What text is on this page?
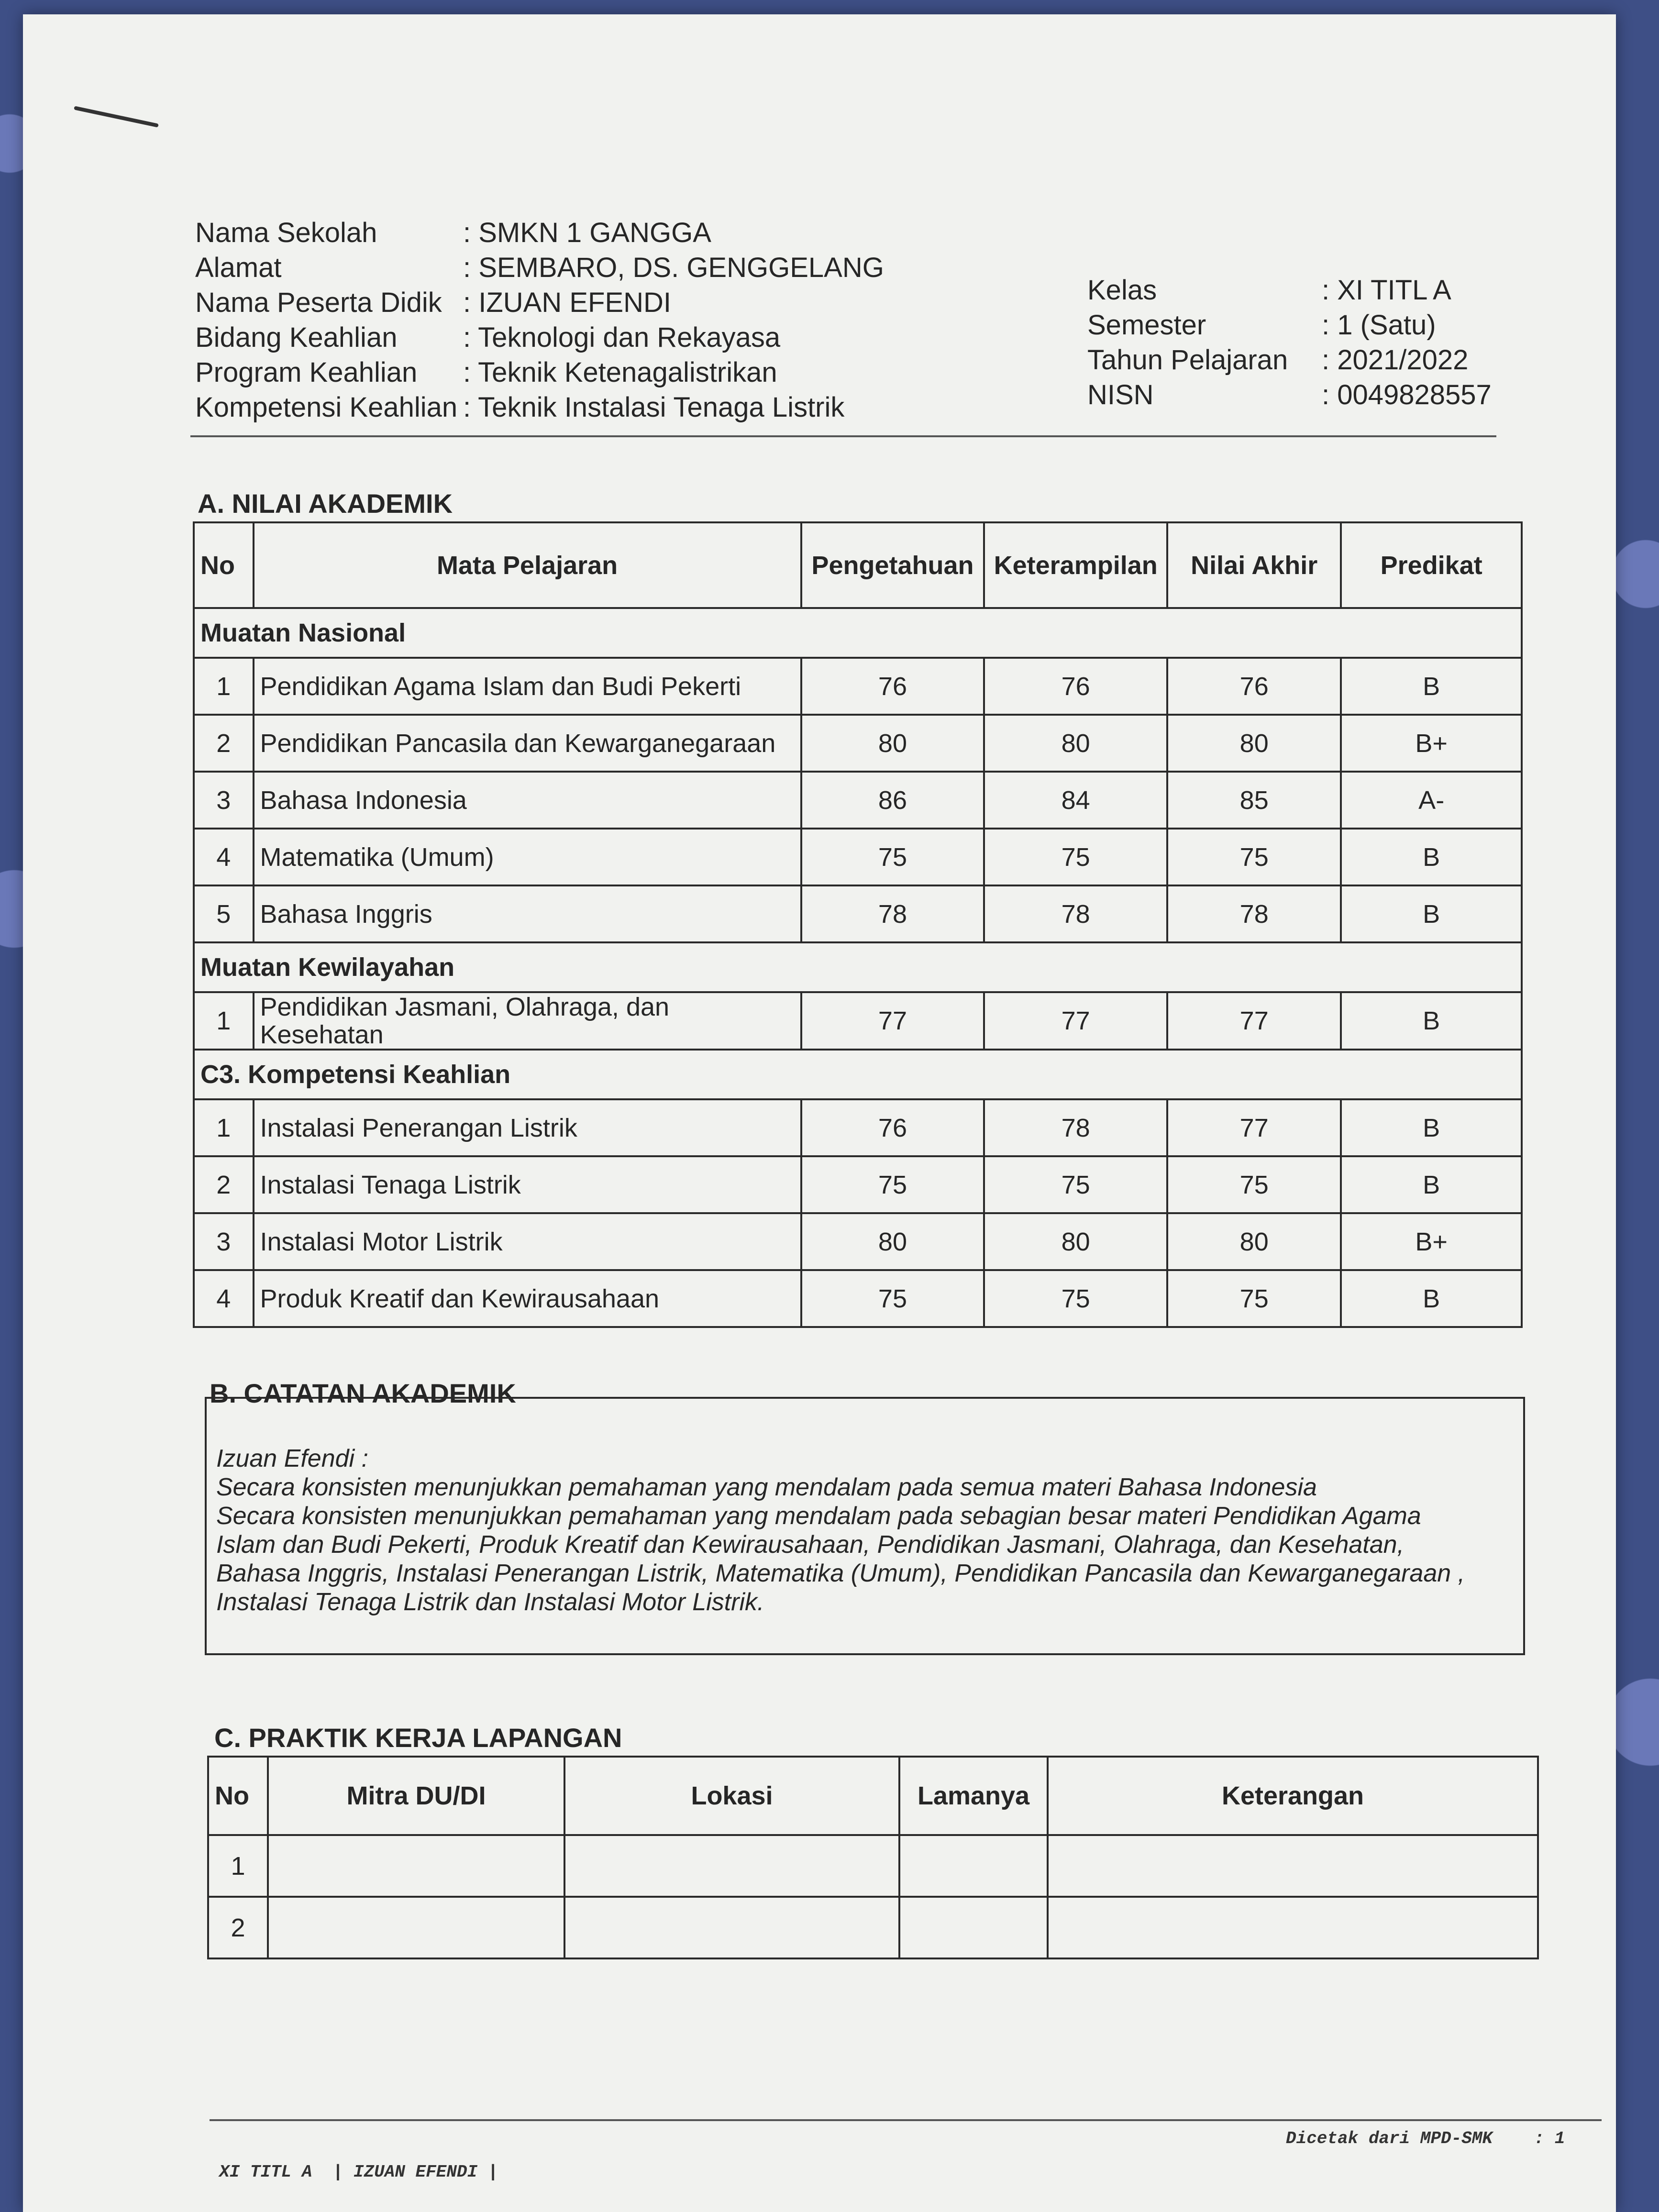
Nama Sekolah	: SMKN 1 GANGGA
Alamat	: SEMBARO, DS. GENGGELANG
Nama Peserta Didik : IZUAN EFENDI
Bidang Keahlian	: Teknologi dan Rekayasa
Program Keahlian	: Teknik Ketenagalistrikan
Kompetensi Keahlian : Teknik Instalasi Tenaga Listrik
Kelas	: XI TITL A
Semester	: 1 (Satu)
Tahun Pelajaran	: 2021/2022
NISN	: 0049828557
A. NILAI AKADEMIK
No	Mata Pelajaran	Pengetahuan	Keterampilan	Nilai Akhir	Predikat
Muatan Nasional					
1	Pendidikan Agama Islam dan Budi Pekerti	76	76	76	B
2	Pendidikan Pancasila dan Kewarganegaraan	80	80	80	B+
3	Bahasa Indonesia	86	84	85	A-
4	Matematika (Umum)	75	75	75	B
5	Bahasa Inggris	78	78	78	B
Muatan Kewilayahan					
1	Pendidikan Jasmani, Olahraga, dan Kesehatan	77	77	77	B
C3. Kompetensi Keahlian					
1	Instalasi Penerangan Listrik	76	78	77	B
2	Instalasi Tenaga Listrik	75	75	75	B
3	Instalasi Motor Listrik	80	80	80	B+
4	Produk Kreatif dan Kewirausahaan	75	75	75	B
B. CATATAN AKADEMIK
Izuan Efendi :
Secara konsisten menunjukkan pemahaman yang mendalam pada semua materi Bahasa Indonesia
Secara konsisten menunjukkan pemahaman yang mendalam pada sebagian besar materi Pendidikan Agama
Islam dan Budi Pekerti, Produk Kreatif dan Kewirausahaan, Pendidikan Jasmani, Olahraga, dan Kesehatan,
Bahasa Inggris, Instalasi Penerangan Listrik, Matematika (Umum), Pendidikan Pancasila dan Kewarganegaraan ,
Instalasi Tenaga Listrik dan Instalasi Motor Listrik.
C. PRAKTIK KERJA LAPANGAN
No	Mitra DU/DI	Lokasi	Lamanya	Keterangan
1				
2				
XI TITL A  | IZUAN EFENDI |
Dicetak dari MPD-SMK    : 1
